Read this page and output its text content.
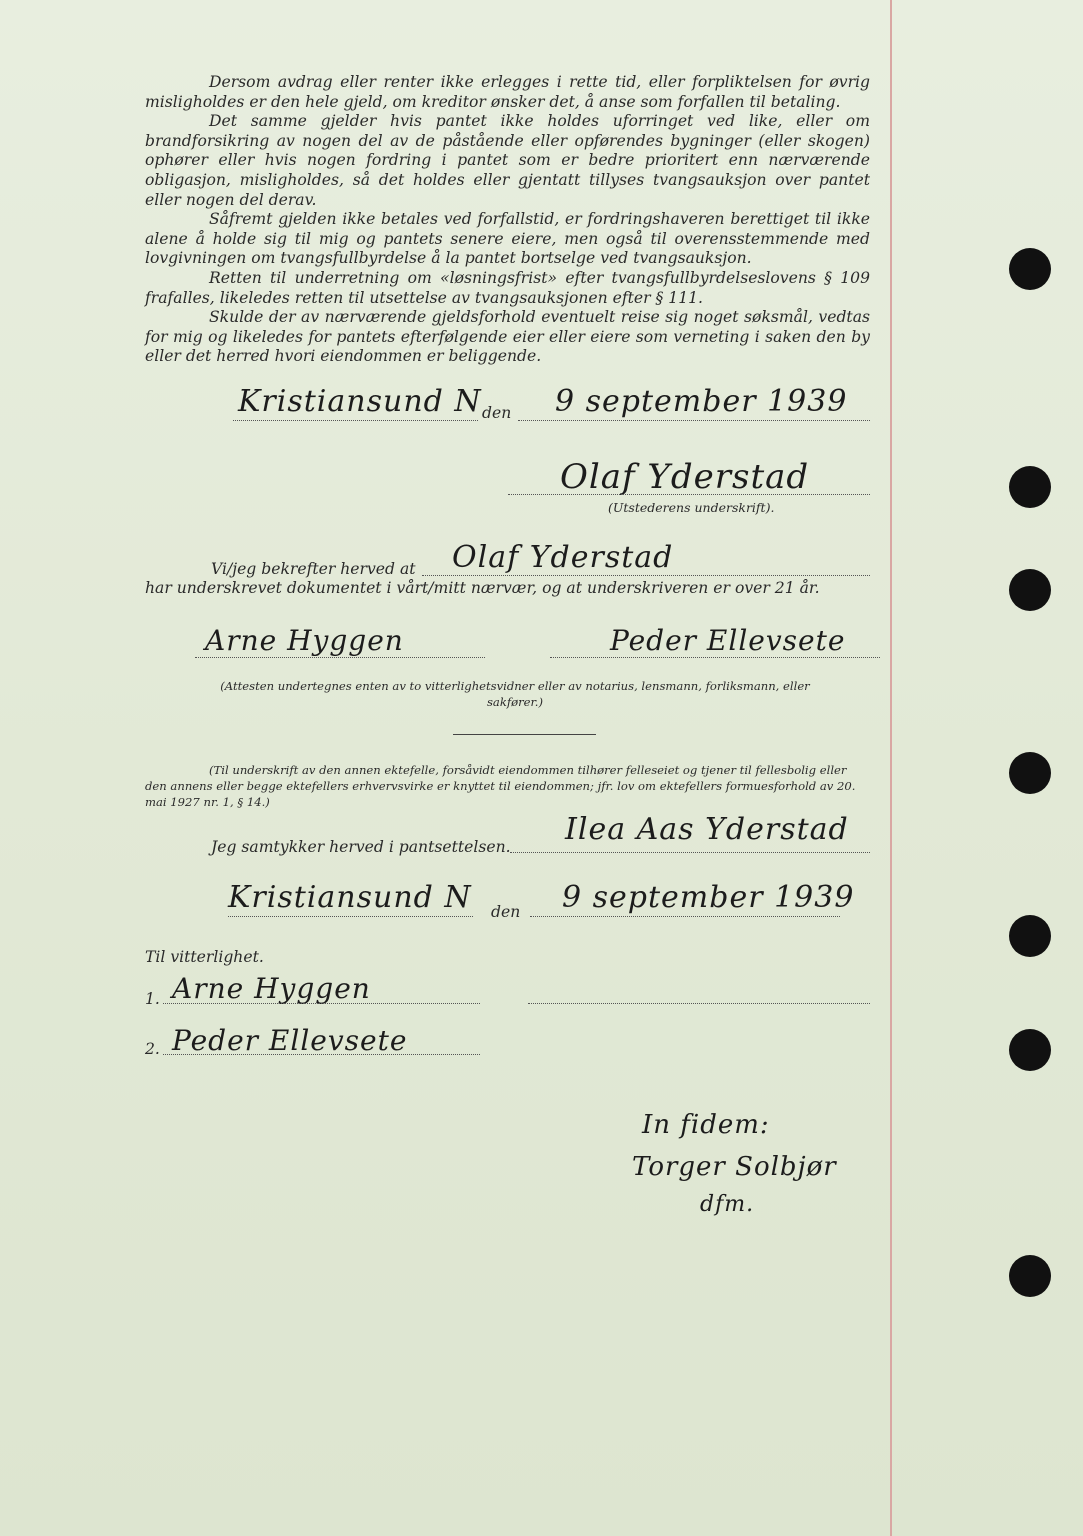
Dersom avdrag eller renter ikke erlegges i rette tid, eller forpliktelsen for øvrig misligholdes er den hele gjeld, om kreditor ønsker det, å anse som forfallen til betaling.

Det samme gjelder hvis pantet ikke holdes uforringet ved like, eller om brandforsikring av nogen del av de påstående eller opførendes bygninger (eller skogen) ophører eller hvis nogen fordring i pantet som er bedre prioritert enn nærværende obligasjon, misligholdes, så det holdes eller gjentatt tillyses tvangsauksjon over pantet eller nogen del derav.

Såfremt gjelden ikke betales ved forfallstid, er fordringshaveren berettiget til ikke alene å holde sig til mig og pantets senere eiere, men også til overensstemmende med lovgivningen om tvangsfullbyrdelse å la pantet bortselge ved tvangsauksjon.

Retten til underretning om «løsningsfrist» efter tvangsfullbyrdelseslovens § 109 frafalles, likeledes retten til utsettelse av tvangsauksjonen efter § 111.

Skulde der av nærværende gjeldsforhold eventuelt reise sig noget søksmål, vedtas for mig og likeledes for pantets efterfølgende eier eller eiere som verneting i saken den by eller det herred hvori eiendommen er beliggende.

Kristiansund N den 9 september 1939
Olaf Yderstad
(Utstederens underskrift).
Vi/jeg bekrefter herved at Olaf Yderstad
har underskrevet dokumentet i vårt/mitt nærvær, og at underskriveren er over 21 år.
Arne Hyggen	Peder Ellevsete
(Attesten undertegnes enten av to vitterlighetsvidner eller av notarius, lensmann, forliksmann, eller sakfører.)
(Til underskrift av den annen ektefelle, forsåvidt eiendommen tilhører felleseiet og tjener til fellesbolig eller den annens eller begge ektefellers erhvervsvirke er knyttet til eiendommen; jfr. lov om ektefellers formuesforhold av 20. mai 1927 nr. 1, § 14.)
Jeg samtykker herved i pantsettelsen. Ilea Aas Yderstad
Kristiansund N den 9 september 1939
Til vitterlighet.
1. Arne Hyggen
2. Peder Ellevsete
In fidem:
Torger Solbjør
dfm.
